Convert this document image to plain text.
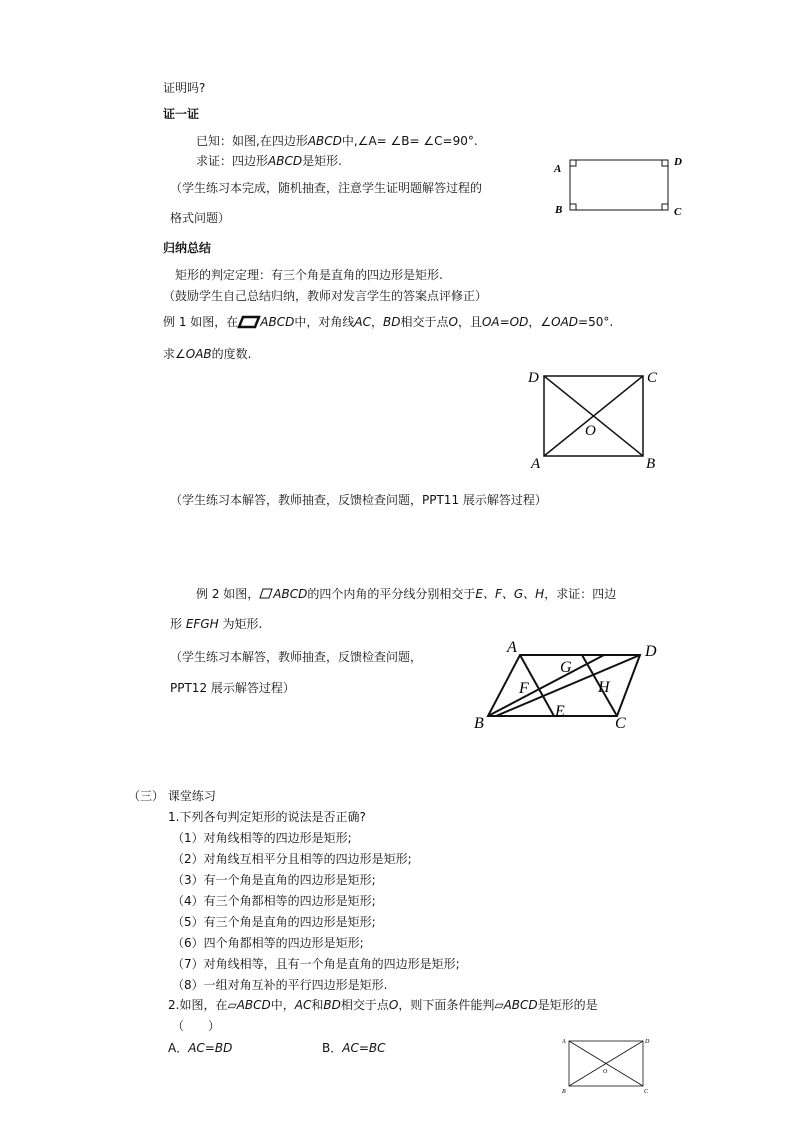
证明吗?
证一证
已知：如图,在四边形ABCD中,∠A= ∠B= ∠C=90°.
求证：四边形ABCD是矩形.
（学生练习本完成，随机抽查，注意学生证明题解答过程的
格式问题）
A
D
B	C
归纳总结
矩形的判定定理：有三个角是直角的四边形是矩形.
（鼓励学生自己总结归纳，教师对发言学生的答案点评修正）
例 1 如图，在 ABCD中，对角线AC，BD相交于点O，且OA=OD，∠OAD=50°.
求∠OAB的度数.
D	C
A	B
O
（学生练习本解答，教师抽查，反馈检查问题，PPT11 展示解答过程）
例 2 如图， ABCD的四个内角的平分线分别相交于E、F、G、H，求证：四边
形 EFGH 为矩形.
（学生练习本解答，教师抽查，反馈检查问题，
PPT12 展示解答过程）
A	D
B	C
G
F	H
E
（三） 课堂练习
1.下列各句判定矩形的说法是否正确?
（1）对角线相等的四边形是矩形;
（2）对角线互相平分且相等的四边形是矩形;
（3）有一个角是直角的四边形是矩形;
（4）有三个角都相等的四边形是矩形;
（5）有三个角是直角的四边形是矩形;
（6）四个角都相等的四边形是矩形;
（7）对角线相等，且有一个角是直角的四边形是矩形;
（8）一组对角互补的平行四边形是矩形.
2.如图，在▱ABCD中，AC和BD相交于点O，则下面条件能判▱ABCD是矩形的是
（　　）
A．AC=BD	B．AC=BC	A	D
B	C
O
